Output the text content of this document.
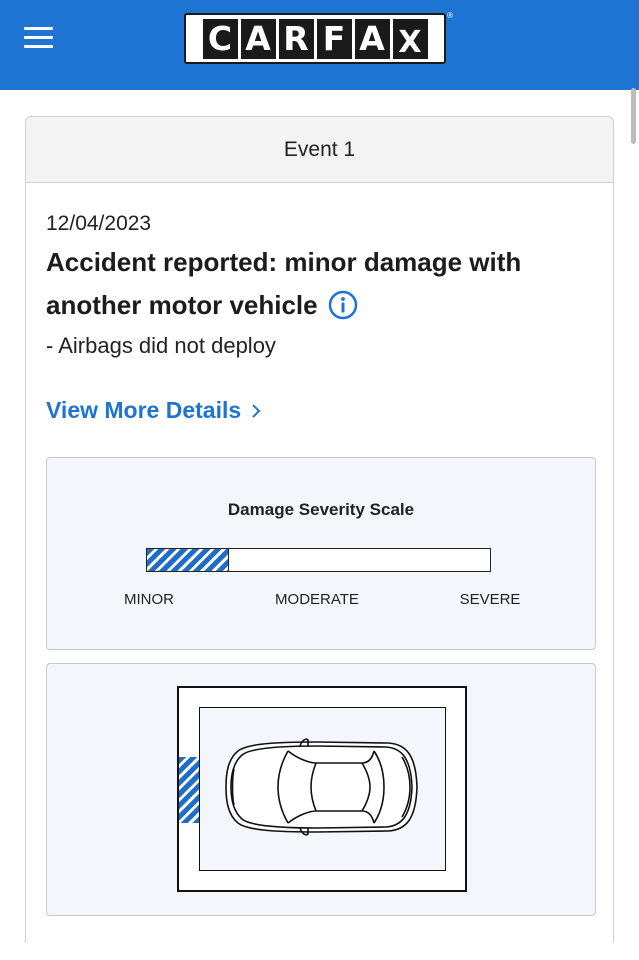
C A R F A X
®
Event 1
12/04/2023
Accident reported: minor damage with another motor vehicle
- Airbags did not deploy
View More Details
Damage Severity Scale
MINOR	MODERATE	SEVERE
